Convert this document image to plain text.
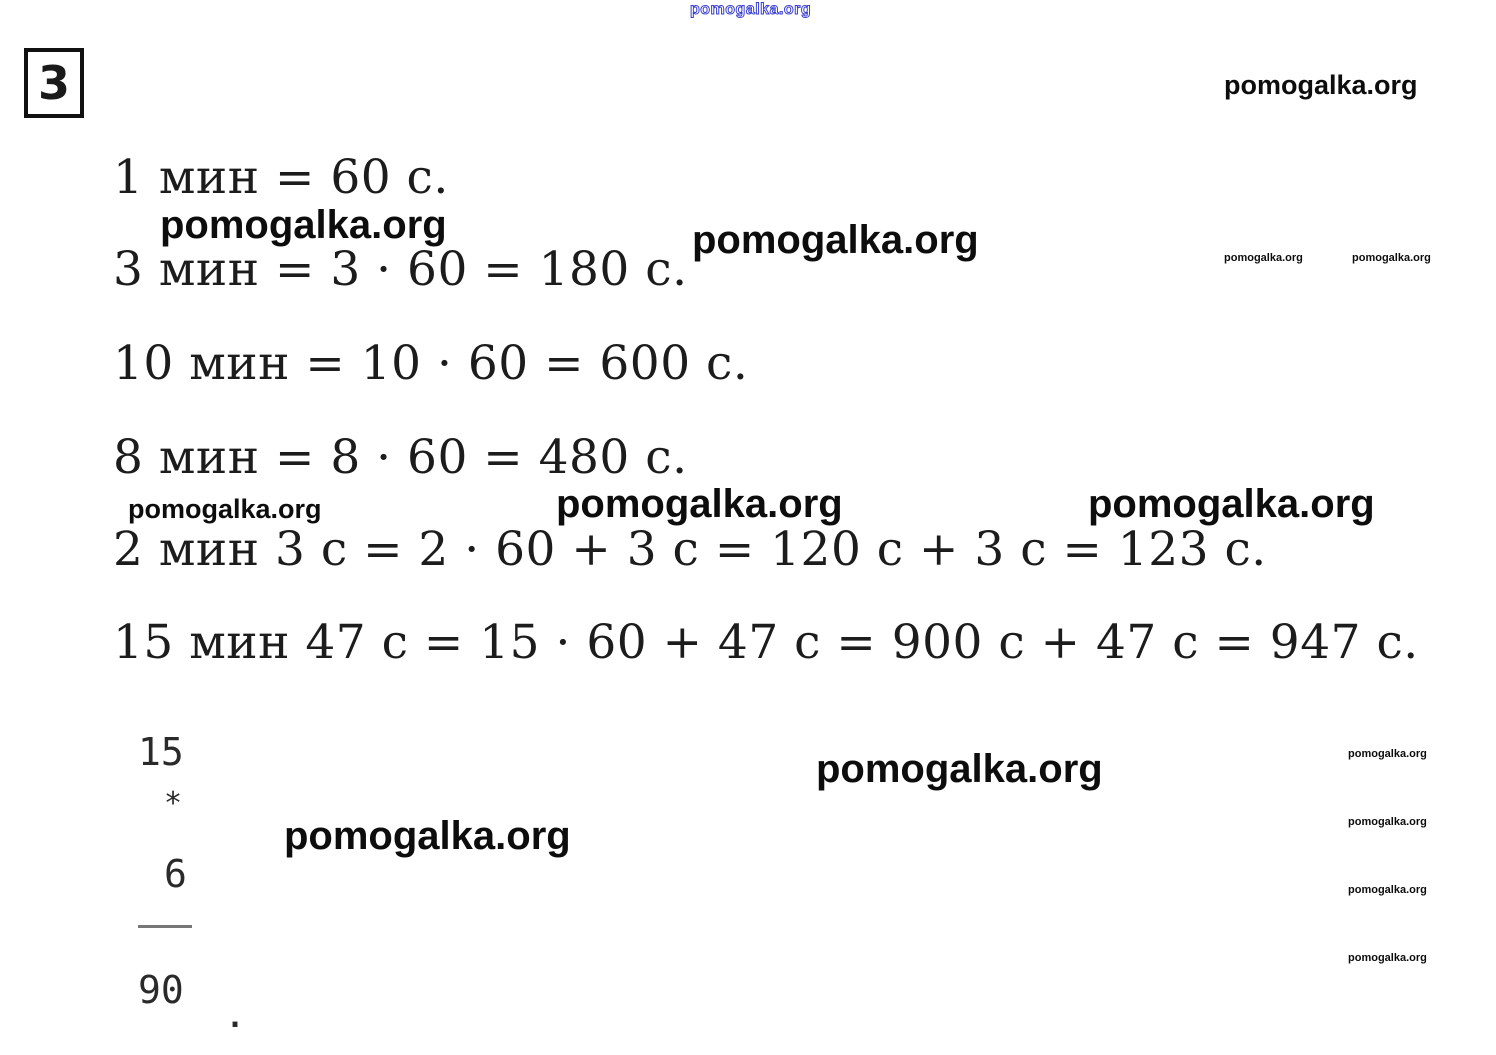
pomogalka.org
3
1 мин = 60 с.
3 мин = 3 · 60 = 180 с.
10 мин = 10 · 60 = 600 с.
8 мин = 8 · 60 = 480 с.
2 мин 3 с = 2 · 60 + 3 с = 120 с + 3 с = 123 с.
15 мин 47 с = 15 · 60 + 47 с = 900 с + 47 с = 947 с.
15
*
6
90
.
pomogalka.org
pomogalka.org	pomogalka.org	pomogalka.org	pomogalka.org
pomogalka.org	pomogalka.org	pomogalka.org
pomogalka.org	pomogalka.org
pomogalka.org	pomogalka.org
pomogalka.org
pomogalka.org
